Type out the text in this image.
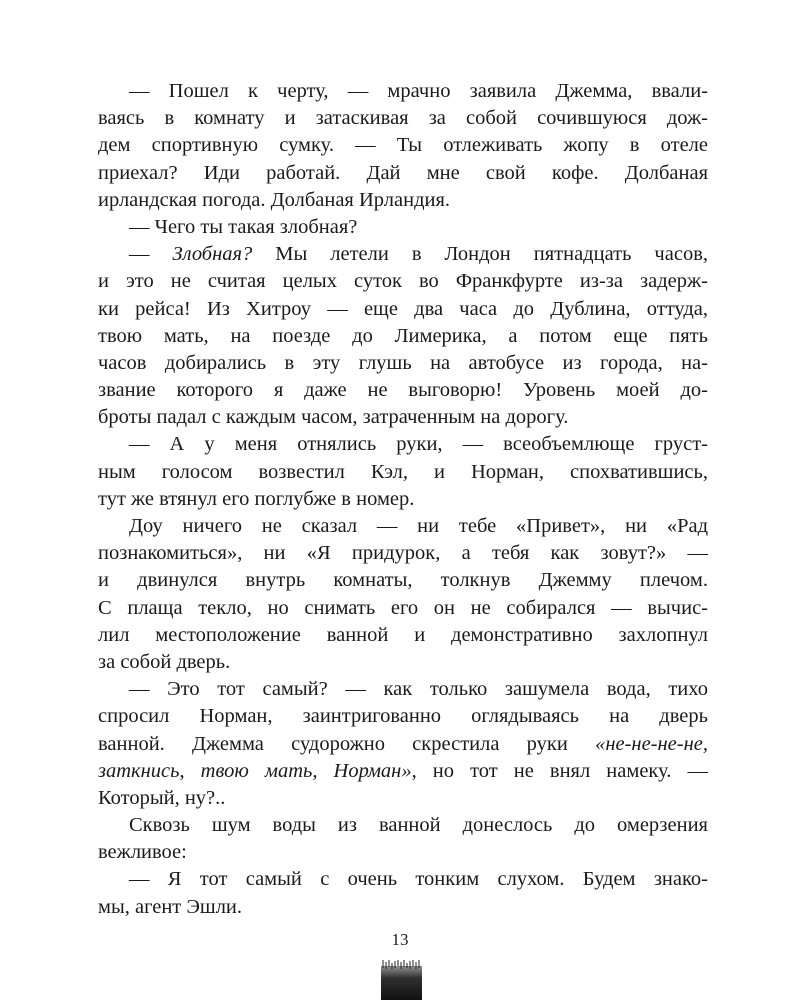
— Пошел к черту, — мрачно заявила Джемма, ввали-
ваясь в комнату и затаскивая за собой сочившуюся дож-
дем спортивную сумку. — Ты отлеживать жопу в отеле
приехал? Иди работай. Дай мне свой кофе. Долбаная
ирландская погода. Долбаная Ирландия.
— Чего ты такая злобная?
— Злобная? Мы летели в Лондон пятнадцать часов,
и это не считая целых суток во Франкфурте из-за задерж-
ки рейса! Из Хитроу — еще два часа до Дублина, оттуда,
твою мать, на поезде до Лимерика, а потом еще пять
часов добирались в эту глушь на автобусе из города, на-
звание которого я даже не выговорю! Уровень моей до-
броты падал с каждым часом, затраченным на дорогу.
— А у меня отнялись руки, — всеобъемлюще груст-
ным голосом возвестил Кэл, и Норман, спохватившись,
тут же втянул его поглубже в номер.
Доу ничего не сказал — ни тебе «Привет», ни «Рад
познакомиться», ни «Я придурок, а тебя как зовут?» —
и двинулся внутрь комнаты, толкнув Джемму плечом.
С плаща текло, но снимать его он не собирался — вычис-
лил местоположение ванной и демонстративно захлопнул
за собой дверь.
— Это тот самый? — как только зашумела вода, тихо
спросил Норман, заинтригованно оглядываясь на дверь
ванной. Джемма судорожно скрестила руки «не-не-не-не,
заткнись, твою мать, Норман», но тот не внял намеку. —
Который, ну?..
Сквозь шум воды из ванной донеслось до омерзения
вежливое:
— Я тот самый с очень тонким слухом. Будем знако-
мы, агент Эшли.
13
